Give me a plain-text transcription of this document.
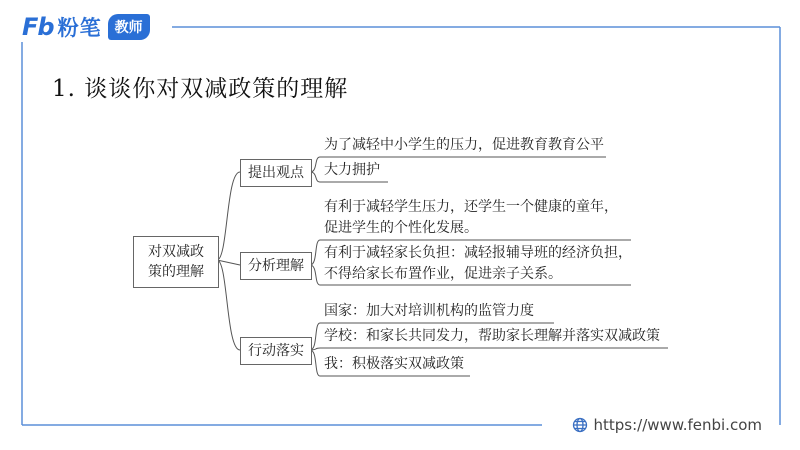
Fb 粉笔 教师
1. 谈谈你对双减政策的理解
对双减政
策的理解
提出观点
分析理解
行动落实
为了减轻中小学生的压力，促进教育教育公平
大力拥护
有利于减轻学生压力，还学生一个健康的童年，
促进学生的个性化发展。
有利于减轻家长负担：减轻报辅导班的经济负担，
不得给家长布置作业，促进亲子关系。
国家：加大对培训机构的监管力度
学校：和家长共同发力，帮助家长理解并落实双减政策
我：积极落实双减政策
https://www.fenbi.com
